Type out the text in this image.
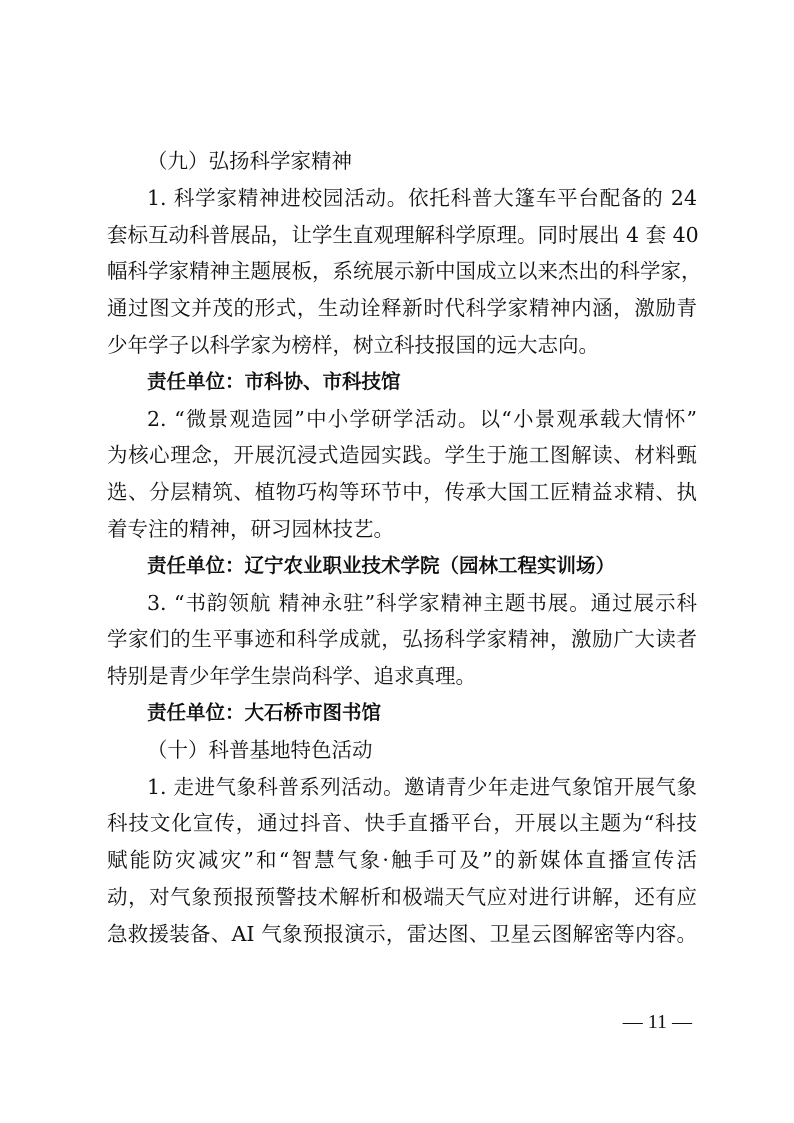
（九）弘扬科学家精神
1. 科学家精神进校园活动。依托科普大篷车平台配备的 24
套标互动科普展品，让学生直观理解科学原理。同时展出 4 套 40
幅科学家精神主题展板，系统展示新中国成立以来杰出的科学家，
通过图文并茂的形式，生动诠释新时代科学家精神内涵，激励青
少年学子以科学家为榜样，树立科技报国的远大志向。
责任单位：市科协、市科技馆
2. “微景观造园”中小学研学活动。以“小景观承载大情怀”
为核心理念，开展沉浸式造园实践。学生于施工图解读、材料甄
选、分层精筑、植物巧构等环节中，传承大国工匠精益求精、执
着专注的精神，研习园林技艺。
责任单位：辽宁农业职业技术学院（园林工程实训场）
3. “书韵领航 精神永驻”科学家精神主题书展。通过展示科
学家们的生平事迹和科学成就，弘扬科学家精神，激励广大读者
特别是青少年学生崇尚科学、追求真理。
责任单位：大石桥市图书馆
（十）科普基地特色活动
1. 走进气象科普系列活动。邀请青少年走进气象馆开展气象
科技文化宣传，通过抖音、快手直播平台，开展以主题为“科技
赋能防灾减灾”和“智慧气象·触手可及”的新媒体直播宣传活
动，对气象预报预警技术解析和极端天气应对进行讲解，还有应
急救援装备、AI 气象预报演示，雷达图、卫星云图解密等内容。
— 11 —
